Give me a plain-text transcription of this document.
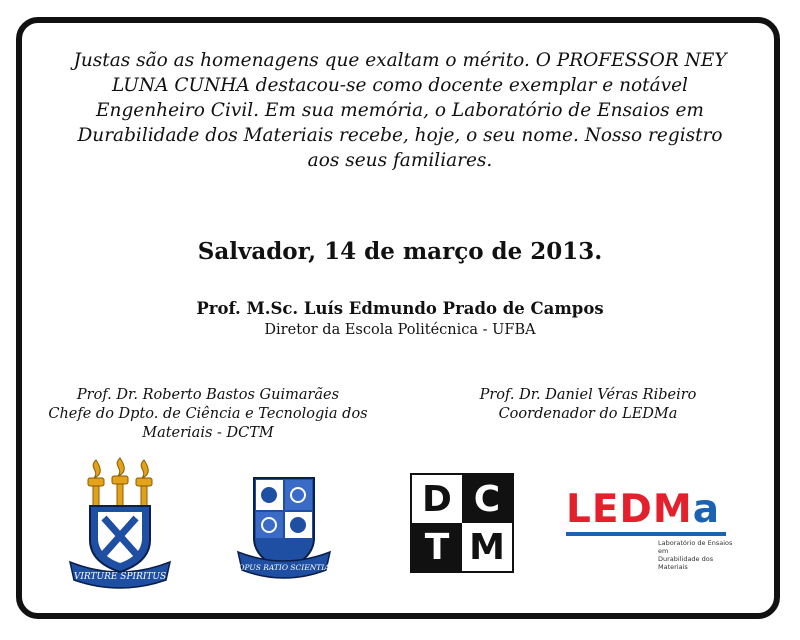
Justas são as homenagens que exaltam o mérito. O PROFESSOR NEY LUNA CUNHA destacou-se como docente exemplar e notável Engenheiro Civil. Em sua memória, o Laboratório de Ensaios em Durabilidade dos Materiais recebe, hoje, o seu nome. Nosso registro aos seus familiares.

Salvador, 14 de março de 2013.

Prof. M.Sc. Luís Edmundo Prado de Campos
Diretor da Escola Politécnica - UFBA
Prof. Dr. Roberto Bastos Guimarães
Chefe do Dpto. de Ciência e Tecnologia dos Materiais - DCTM
Prof. Dr. Daniel Véras Ribeiro
Coordenador do LEDMa
VIRTURE SPIRITUS
OPUS RATIO SCIENTIA
D C
T M
LEDMa
Laboratório de Ensaios em
Durabilidade dos Materiais
